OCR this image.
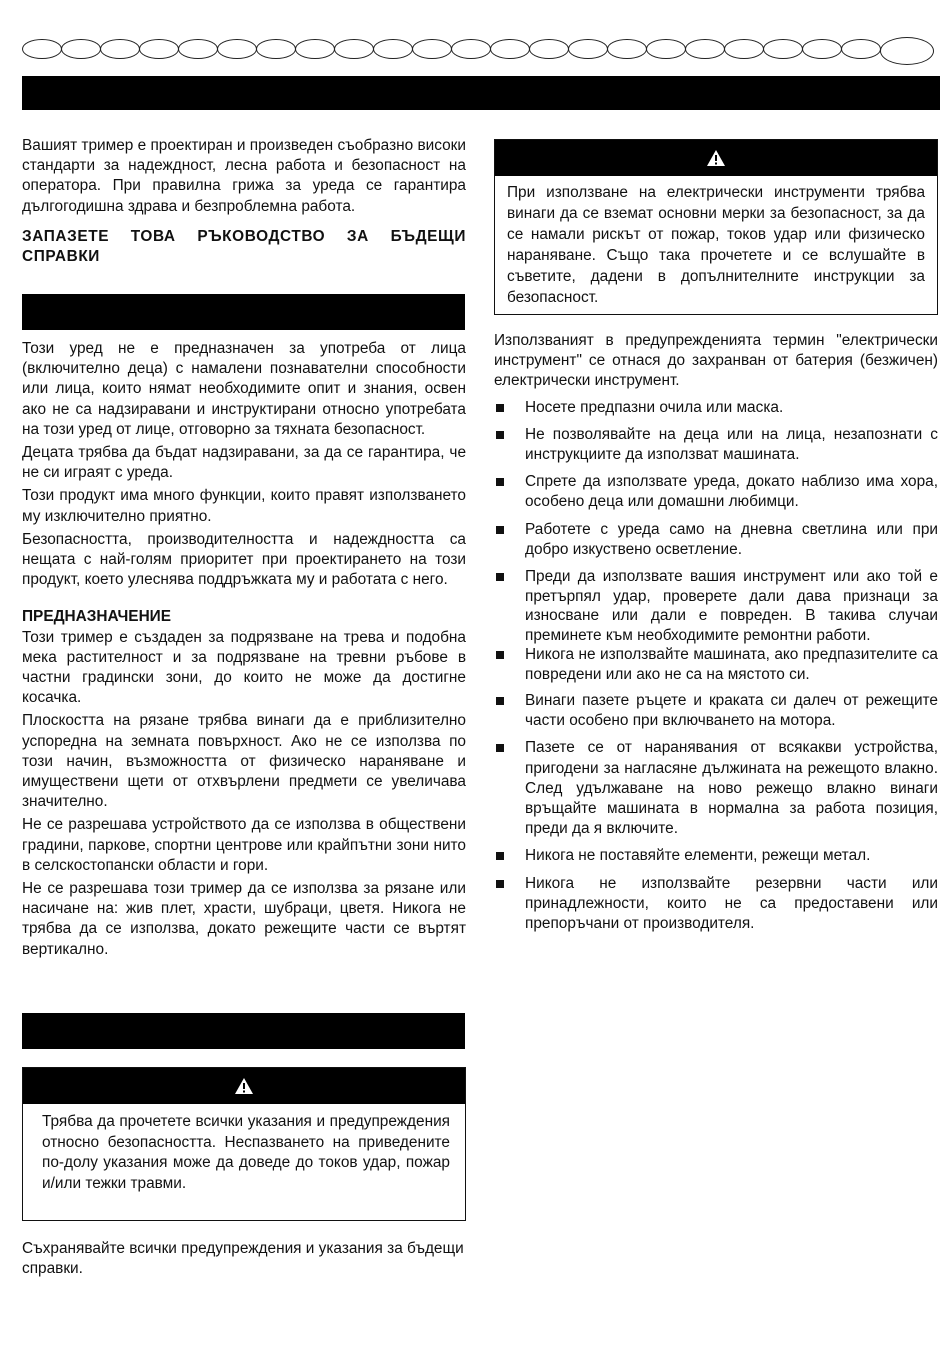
Вашият тример е проектиран и произведен съобразно високи стандарти за надеждност, лесна работа и безопасност на оператора. При правилна грижа за уреда се гарантира дългогодишна здрава и безпроблемна работа.

ЗАПАЗЕТЕ ТОВА РЪКОВОДСТВО ЗА БЪДЕЩИ СПРАВКИ

Този уред не е предназначен за употреба от лица (включително деца) с намалени познавателни способности или лица, които нямат необходимите опит и знания, освен ако не са надзиравани и инструктирани относно употребата на този уред от лице, отговорно за тяхната безопасност.

Децата трябва да бъдат надзиравани, за да се гарантира, че не си играят с уреда.

Този продукт има много функции, които правят използването му изключително приятно.

Безопасността, производителността и надеждността са нещата с най-голям приоритет при проектирането на този продукт, което улеснява поддръжката му и работата с него.

ПРЕДНАЗНАЧЕНИЕ

Този тример е създаден за подрязване на трева и подобна мека растителност и за подрязване на тревни ръбове в частни градински зони, до които не може да достигне косачка.

Плоскостта на рязане трябва винаги да е приблизително успоредна на земната повърхност. Ако не се използва по този начин, възможността от физическо нараняване и имуществени щети от отхвърлени предмети се увеличава значително.

Не се разрешава устройството да се използва в обществени градини, паркове, спортни центрове или крайпътни зони нито в селскостопански области и гори.

Не се разрешава този тример да се използва за рязане или насичане на: жив плет, храсти, шубраци, цветя. Никога не трябва да се използва, докато режещите части се въртят вертикално.

Трябва да прочетете всички указания и предупреждения относно безопасността. Неспазването на приведените по-долу указания може да доведе до токов удар, пожар и/или тежки травми.

Съхранявайте всички предупреждения и указания за бъдещи справки.

При използване на електрически инструменти трябва винаги да се вземат основни мерки за безопасност, за да се намали рискът от пожар, токов удар или физическо нараняване. Също така прочетете и се вслушайте в съветите, дадени в допълнителните инструкции за безопасност.

Използваният в предупрежденията термин "електрически инструмент" се отнася до захранван от батерия (безжичен) електрически инструмент.

Носете предпазни очила или маска.
Не позволявайте на деца или на лица, незапознати с инструкциите да използват машината.
Спрете да използвате уреда, докато наблизо има хора, особено деца или домашни любимци.
Работете с уреда само на дневна светлина или при добро изкуствено осветление.
Преди да използвате вашия инструмент или ако той е претърпял удар, проверете дали дава признаци за износване или дали е повреден. В такива случаи преминете към необходимите ремонтни работи.
Никога не използвайте машината, ако предпазителите са повредени или ако не са на мястото си.
Винаги пазете ръцете и краката си далеч от режещите части особено при включването на мотора.
Пазете се от наранявания от всякакви устройства, пригодени за нагласяне дължината на режещото влакно. След удължаване на ново режещо влакно винаги връщайте машината в нормална за работа позиция, преди да я включите.
Никога не поставяйте елементи, режещи метал.
Никога не използвайте резервни части или принадлежности, които не са предоставени или препоръчани от производителя.
